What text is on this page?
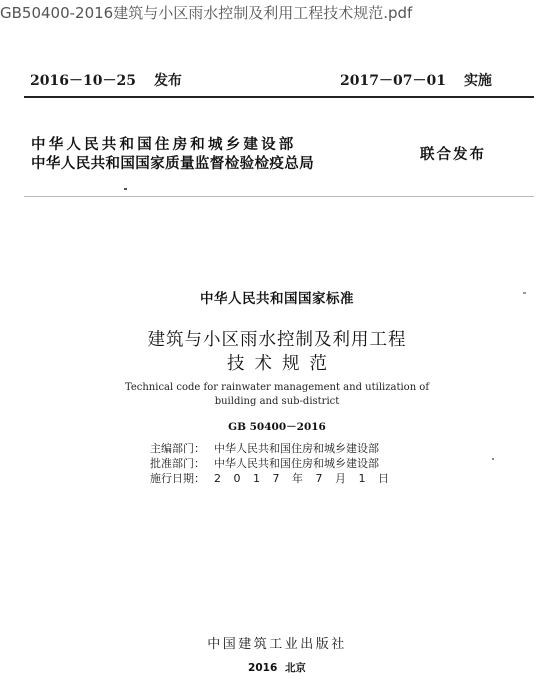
GB50400-2016建筑与小区雨水控制及利用工程技术规范.pdf
2016－10－25 发布	2017－07－01 实施
中华人民共和国住房和城乡建设部
中华人民共和国国家质量监督检验检疫总局
联合发布
中华人民共和国国家标准
建筑与小区雨水控制及利用工程
技术规范
Technical code for rainwater management and utilization of
building and sub-district
GB 50400－2016
主编部门： 中华人民共和国住房和城乡建设部
批准部门： 中华人民共和国住房和城乡建设部
施行日期： 2017年7月1日
中国建筑工业出版社
2016 北京
